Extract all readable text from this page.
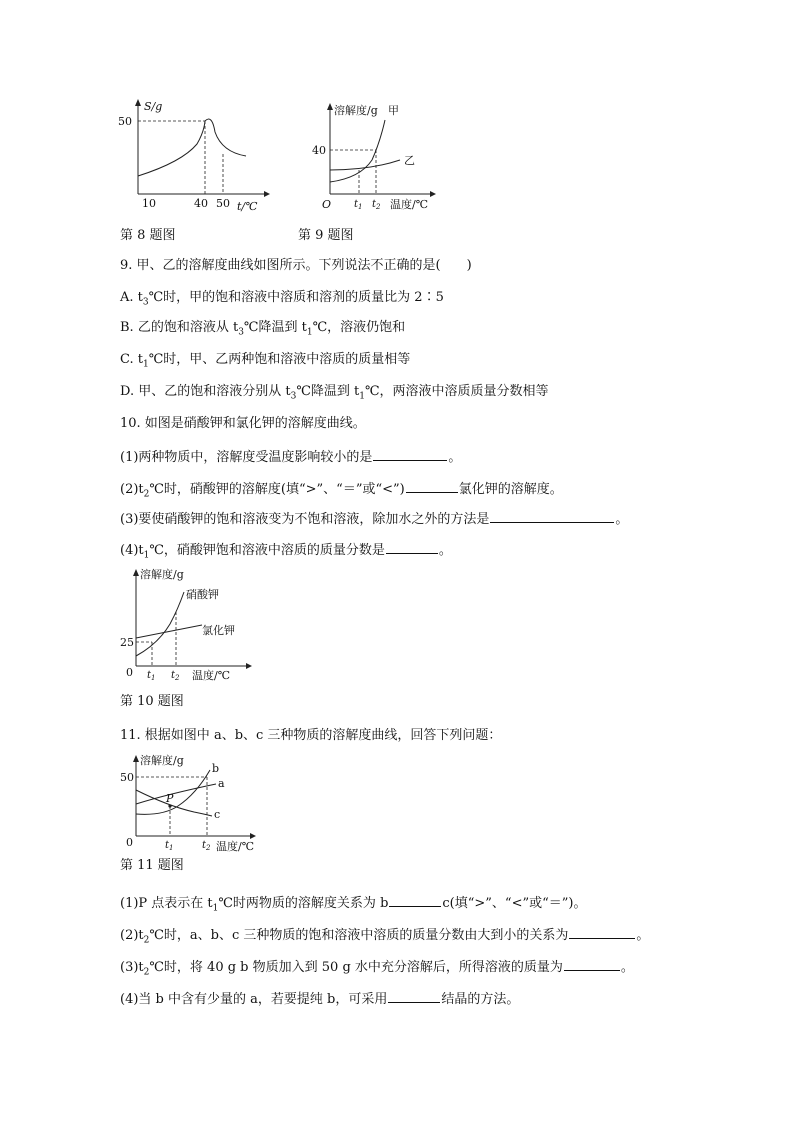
S/g
50
10	40 50 t/℃
溶解度/g 甲
乙
40
O $t_1$ $t_2$ 温度/℃
第 8 题图	第 9 题图
9. 甲、乙的溶解度曲线如图所示。下列说法不正确的是(　　)
A. $t_3℃$时，甲的饱和溶液中溶质和溶剂的质量比为 2∶5
B. 乙的饱和溶液从 $t_3℃$降温到 $t_1℃$，溶液仍饱和
C. $t_1℃$时，甲、乙两种饱和溶液中溶质的质量相等
D. 甲、乙的饱和溶液分别从 $t_3℃$降温到 $t_1℃$，两溶液中溶质质量分数相等
10. 如图是硝酸钾和氯化钾的溶解度曲线。
(1)两种物质中，溶解度受温度影响较小的是	。
$(2)t_2℃$时，硝酸钾的溶解度(填“>”、“＝”或“<”)	氯化钾的溶解度。
(3)要使硝酸钾的饱和溶液变为不饱和溶液，除加水之外的方法是	。
$(4)t_1℃$，硝酸钾饱和溶液中溶质的质量分数是	。
溶解度/g
硝酸钾
氯化钾
25
0 $t_1$ $t_2$ 温度/℃
第 10 题图
11. 根据如图中 a、b、c 三种物质的溶解度曲线，回答下列问题：
溶解度/g
50
b
a
c
P
0	$t_1$	$t_2$ 温度/℃
第 11 题图
(1)P 点表示在 $t_1℃$时两物质的溶解度关系为 b	c(填“>”、“<”或“＝”)。
$(2)t_2℃$时，a、b、c 三种物质的饱和溶液中溶质的质量分数由大到小的关系为	。
$(3)t_2℃$时，将 40 g b 物质加入到 50 g 水中充分溶解后，所得溶液的质量为	。
(4)当 b 中含有少量的 a，若要提纯 b，可采用	结晶的方法。
